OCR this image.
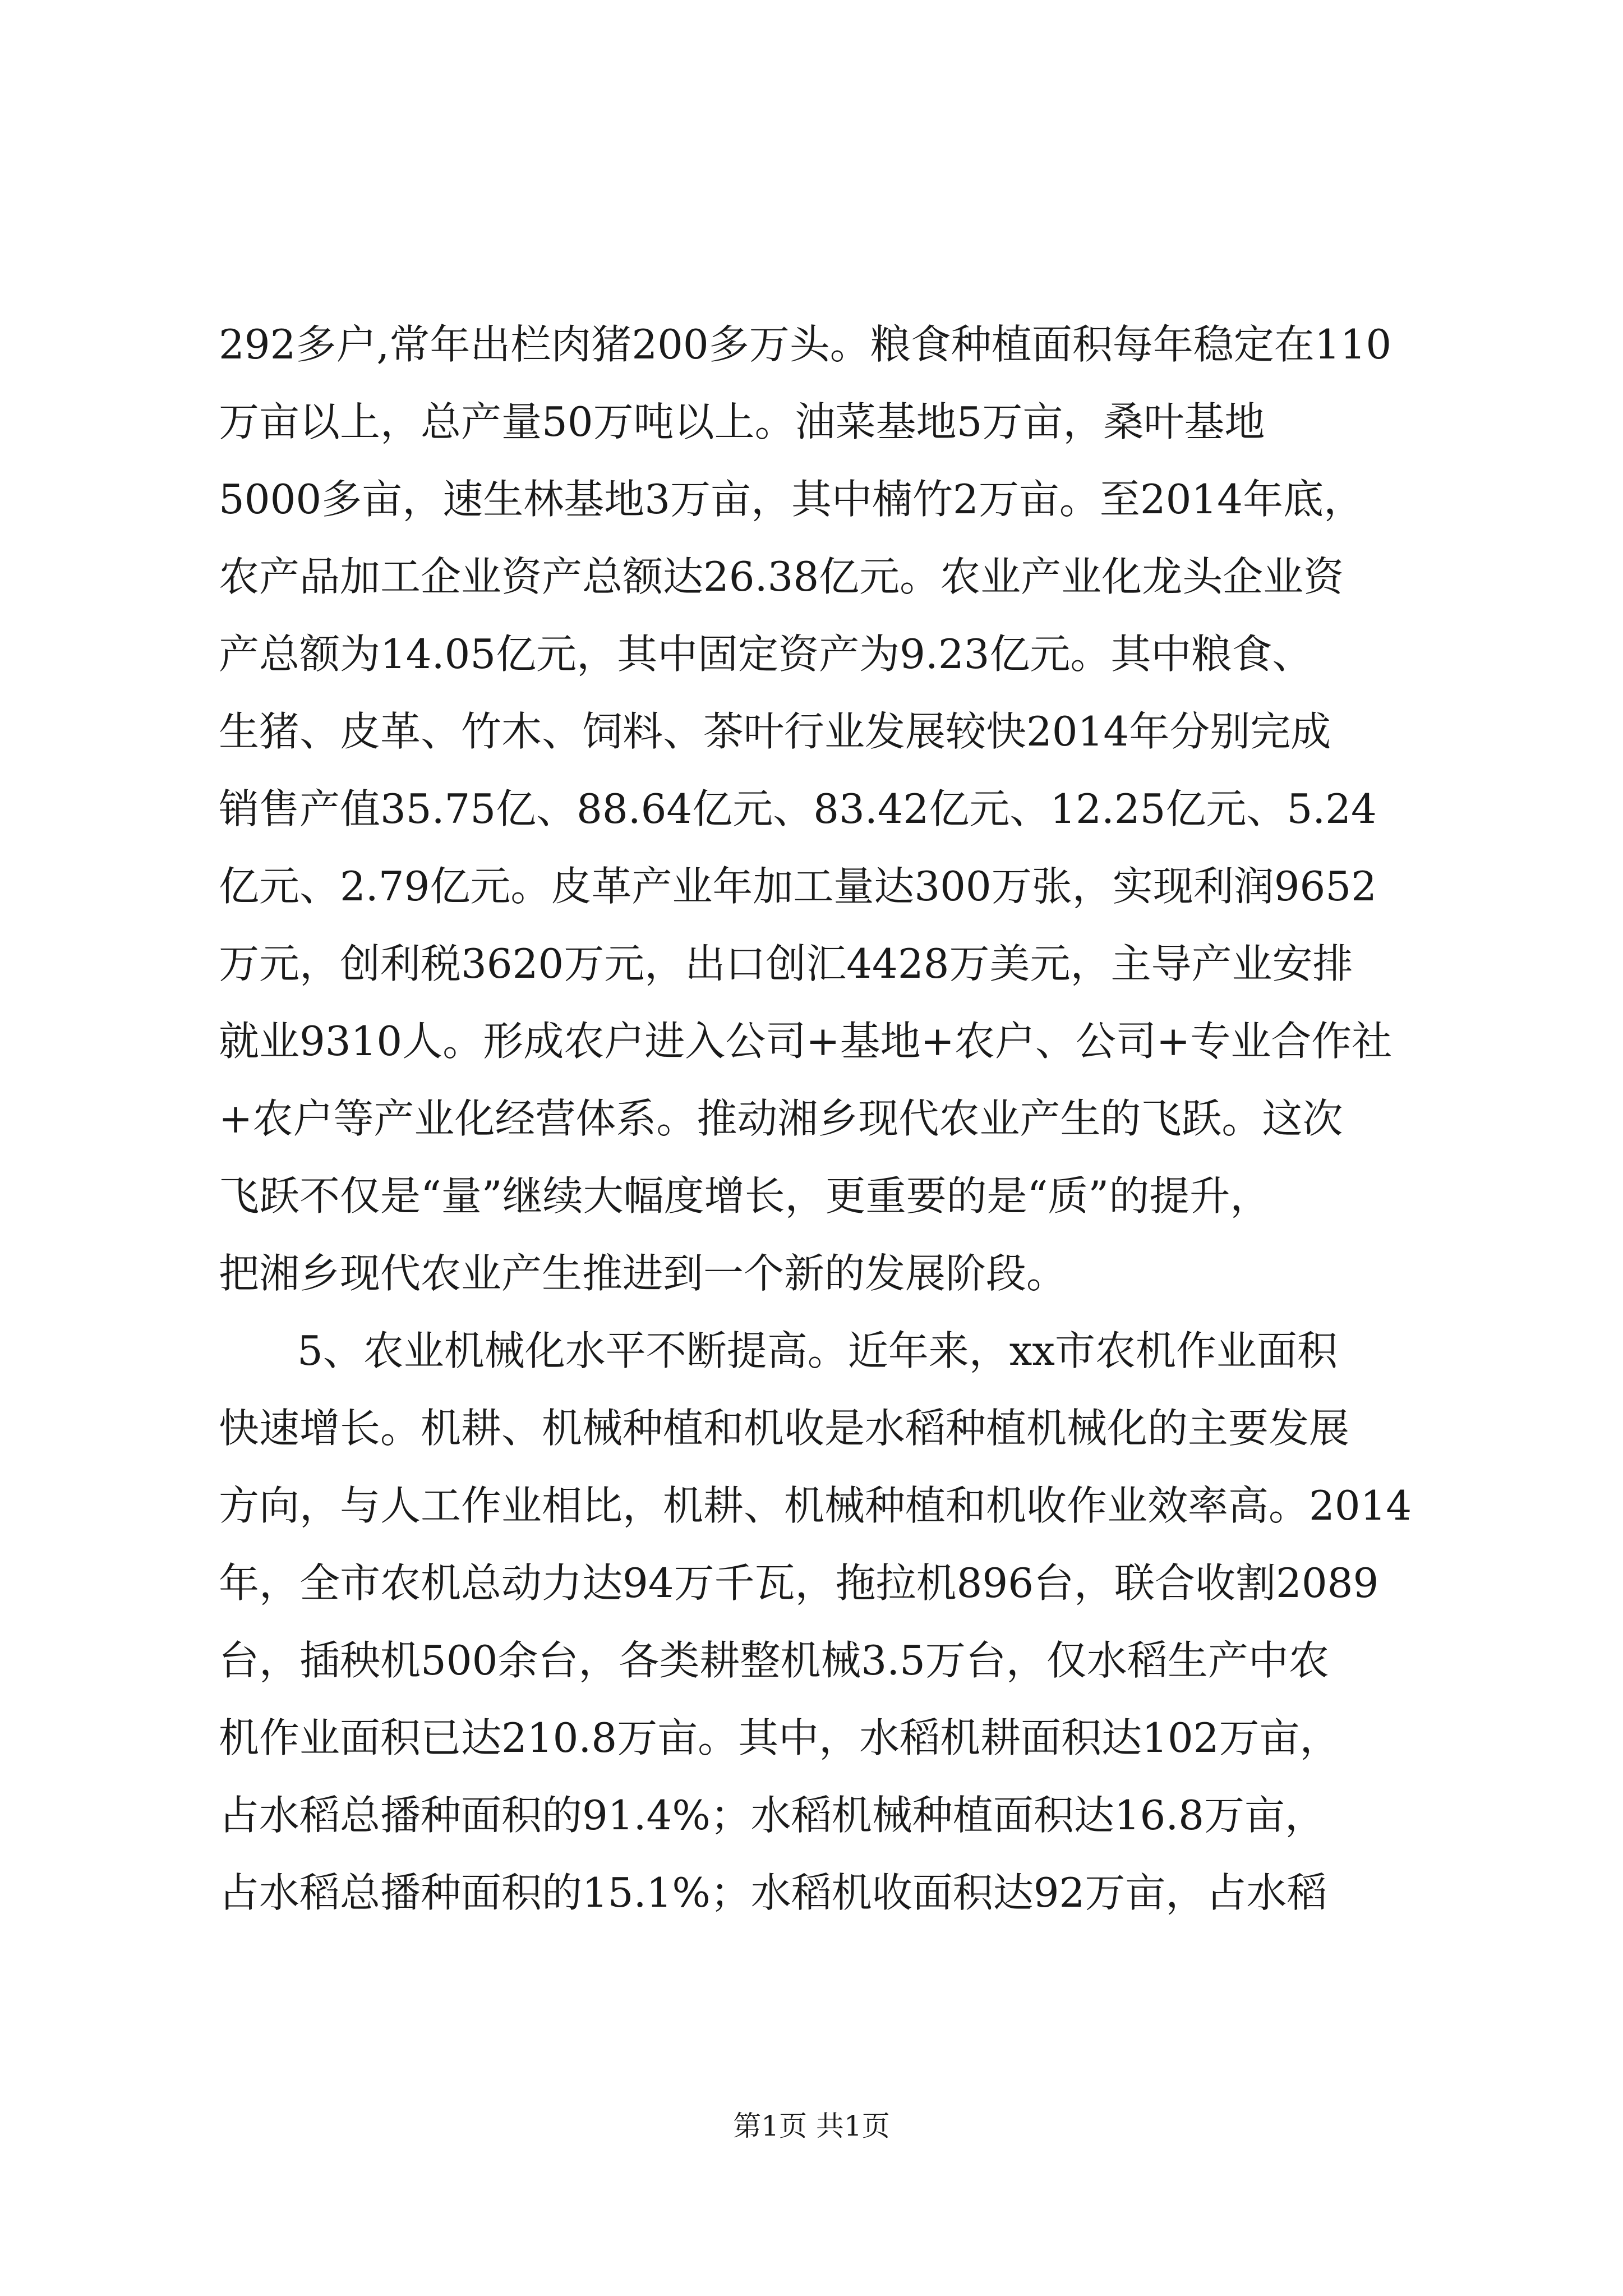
292多户,常年出栏肉猪200多万头。粮食种植面积每年稳定在110
万亩以上，总产量50万吨以上。油菜基地5万亩，桑叶基地
5000多亩，速生林基地3万亩，其中楠竹2万亩。至2014年底，
农产品加工企业资产总额达26.38亿元。农业产业化龙头企业资
产总额为14.05亿元，其中固定资产为9.23亿元。其中粮食、
生猪、皮革、竹木、饲料、茶叶行业发展较快2014年分别完成
销售产值35.75亿、88.64亿元、83.42亿元、12.25亿元、5.24
亿元、2.79亿元。皮革产业年加工量达300万张，实现利润9652
万元，创利税3620万元，出口创汇4428万美元，主导产业安排
就业9310人。形成农户进入公司+基地+农户、公司+专业合作社
+农户等产业化经营体系。推动湘乡现代农业产生的飞跃。这次
飞跃不仅是“量”继续大幅度增长，更重要的是“质”的提升，
把湘乡现代农业产生推进到一个新的发展阶段。
5、农业机械化水平不断提高。近年来，xx市农机作业面积
快速增长。机耕、机械种植和机收是水稻种植机械化的主要发展
方向，与人工作业相比，机耕、机械种植和机收作业效率高。2014
年，全市农机总动力达94万千瓦，拖拉机896台，联合收割2089
台，插秧机500余台，各类耕整机械3.5万台，仅水稻生产中农
机作业面积已达210.8万亩。其中，水稻机耕面积达102万亩，
占水稻总播种面积的91.4%；水稻机械种植面积达16.8万亩，
占水稻总播种面积的15.1%；水稻机收面积达92万亩，占水稻
第1页 共1页
